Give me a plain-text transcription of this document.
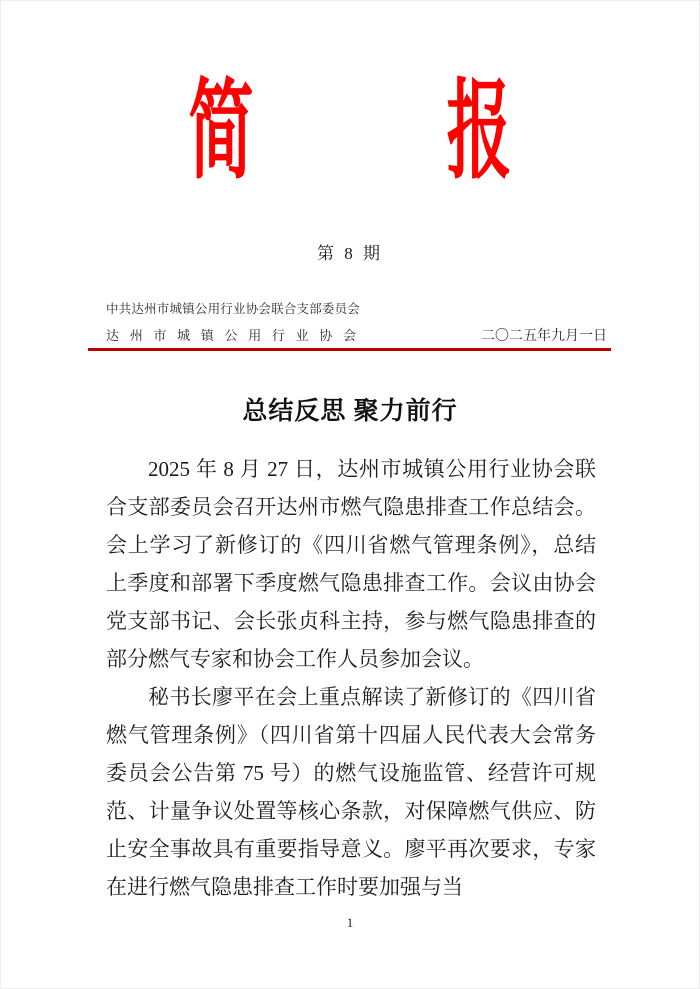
简 报
第 8 期
中共达州市城镇公用行业协会联合支部委员会
达州市城镇公用行业协会	二〇二五年九月一日
总结反思 聚力前行

2025 年 8 月 27 日，达州市城镇公用行业协会联合支部委员会召开达州市燃气隐患排查工作总结会。会上学习了新修订的《四川省燃气管理条例》，总结上季度和部署下季度燃气隐患排查工作。会议由协会党支部书记、会长张贞科主持，参与燃气隐患排查的部分燃气专家和协会工作人员参加会议。

秘书长廖平在会上重点解读了新修订的《四川省燃气管理条例》（四川省第十四届人民代表大会常务委员会公告第 75 号）的燃气设施监管、经营许可规范、计量争议处置等核心条款，对保障燃气供应、防止安全事故具有重要指导意义。廖平再次要求，专家在进行燃气隐患排查工作时要加强与当

1
